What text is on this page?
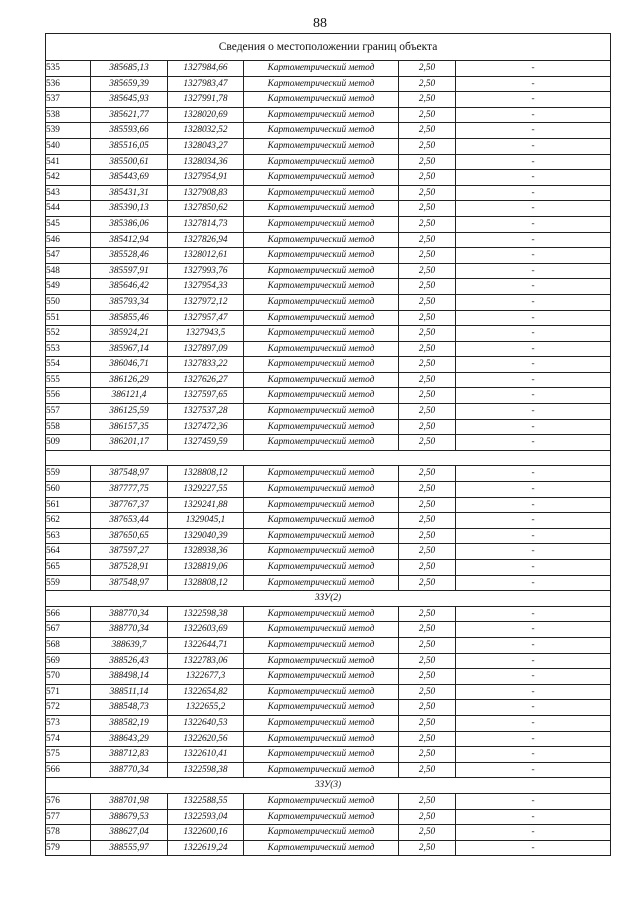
88
Сведения о местоположении границ объекта					
535	385685,13	1327984,66	Картометрический метод	2,50	-
536	385659,39	1327983,47	Картометрический метод	2,50	-
537	385645,93	1327991,78	Картометрический метод	2,50	-
538	385621,77	1328020,69	Картометрический метод	2,50	-
539	385593,66	1328032,52	Картометрический метод	2,50	-
540	385516,05	1328043,27	Картометрический метод	2,50	-
541	385500,61	1328034,36	Картометрический метод	2,50	-
542	385443,69	1327954,91	Картометрический метод	2,50	-
543	385431,31	1327908,83	Картометрический метод	2,50	-
544	385390,13	1327850,62	Картометрический метод	2,50	-
545	385386,06	1327814,73	Картометрический метод	2,50	-
546	385412,94	1327826,94	Картометрический метод	2,50	-
547	385528,46	1328012,61	Картометрический метод	2,50	-
548	385597,91	1327993,76	Картометрический метод	2,50	-
549	385646,42	1327954,33	Картометрический метод	2,50	-
550	385793,34	1327972,12	Картометрический метод	2,50	-
551	385855,46	1327957,47	Картометрический метод	2,50	-
552	385924,21	1327943,5	Картометрический метод	2,50	-
553	385967,14	1327897,09	Картометрический метод	2,50	-
554	386046,71	1327833,22	Картометрический метод	2,50	-
555	386126,29	1327626,27	Картометрический метод	2,50	-
556	386121,4	1327597,65	Картометрический метод	2,50	-
557	386125,59	1327537,28	Картометрический метод	2,50	-
558	386157,35	1327472,36	Картометрический метод	2,50	-
509	386201,17	1327459,59	Картометрический метод	2,50	-

559	387548,97	1328808,12	Картометрический метод	2,50	-
560	387777,75	1329227,55	Картометрический метод	2,50	-
561	387767,37	1329241,88	Картометрический метод	2,50	-
562	387653,44	1329045,1	Картометрический метод	2,50	-
563	387650,65	1329040,39	Картометрический метод	2,50	-
564	387597,27	1328938,36	Картометрический метод	2,50	-
565	387528,91	1328819,06	Картометрический метод	2,50	-
559	387548,97	1328808,12	Картометрический метод	2,50	-
3ЗУ(2)					
566	388770,34	1322598,38	Картометрический метод	2,50	-
567	388770,34	1322603,69	Картометрический метод	2,50	-
568	388639,7	1322644,71	Картометрический метод	2,50	-
569	388526,43	1322783,06	Картометрический метод	2,50	-
570	388498,14	1322677,3	Картометрический метод	2,50	-
571	388511,14	1322654,82	Картометрический метод	2,50	-
572	388548,73	1322655,2	Картометрический метод	2,50	-
573	388582,19	1322640,53	Картометрический метод	2,50	-
574	388643,29	1322620,56	Картометрический метод	2,50	-
575	388712,83	1322610,41	Картометрический метод	2,50	-
566	388770,34	1322598,38	Картометрический метод	2,50	-
3ЗУ(3)					
576	388701,98	1322588,55	Картометрический метод	2,50	-
577	388679,53	1322593,04	Картометрический метод	2,50	-
578	388627,04	1322600,16	Картометрический метод	2,50	-
579	388555,97	1322619,24	Картометрический метод	2,50	-
